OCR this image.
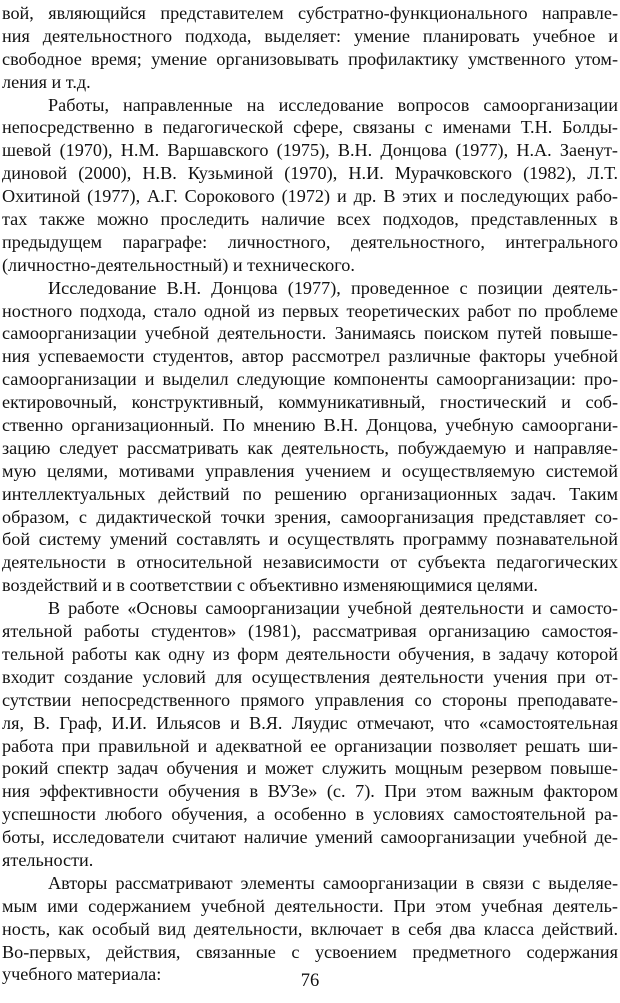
вой, являющийся представителем субстратно-функционального направле-
ния деятельностного подхода, выделяет: умение планировать учебное и
свободное время; умение организовывать профилактику умственного утом-
ления и т.д.
Работы, направленные на исследование вопросов самоорганизации
непосредственно в педагогической сфере, связаны с именами Т.Н. Болды-
шевой (1970), Н.М. Варшавского (1975), В.Н. Донцова (1977), Н.А. Заенут-
диновой (2000), Н.В. Кузьминой (1970), Н.И. Мурачковского (1982), Л.Т.
Охитиной (1977), А.Г. Сорокового (1972) и др. В этих и последующих рабо-
тах также можно проследить наличие всех подходов, представленных в
предыдущем параграфе: личностного, деятельностного, интегрального
(личностно-деятельностный) и технического.
Исследование В.Н. Донцова (1977), проведенное с позиции деятель-
ностного подхода, стало одной из первых теоретических работ по проблеме
самоорганизации учебной деятельности. Занимаясь поиском путей повыше-
ния успеваемости студентов, автор рассмотрел различные факторы учебной
самоорганизации и выделил следующие компоненты самоорганизации: про-
ектировочный, конструктивный, коммуникативный, гностический и соб-
ственно организационный. По мнению В.Н. Донцова, учебную самооргани-
зацию следует рассматривать как деятельность, побуждаемую и направляе-
мую целями, мотивами управления учением и осуществляемую системой
интеллектуальных действий по решению организационных задач. Таким
образом, с дидактической точки зрения, самоорганизация представляет со-
бой систему умений составлять и осуществлять программу познавательной
деятельности в относительной независимости от субъекта педагогических
воздействий и в соответствии с объективно изменяющимися целями.
В работе «Основы самоорганизации учебной деятельности и самосто-
ятельной работы студентов» (1981), рассматривая организацию самостоя-
тельной работы как одну из форм деятельности обучения, в задачу которой
входит создание условий для осуществления деятельности учения при от-
сутствии непосредственного прямого управления со стороны преподавате-
ля, В. Граф, И.И. Ильясов и В.Я. Ляудис отмечают, что «самостоятельная
работа при правильной и адекватной ее организации позволяет решать ши-
рокий спектр задач обучения и может служить мощным резервом повыше-
ния эффективности обучения в ВУЗе» (с. 7). При этом важным фактором
успешности любого обучения, а особенно в условиях самостоятельной ра-
боты, исследователи считают наличие умений самоорганизации учебной де-
ятельности.
Авторы рассматривают элементы самоорганизации в связи с выделяе-
мым ими содержанием учебной деятельности. При этом учебная деятель-
ность, как особый вид деятельности, включает в себя два класса действий.
Во-первых, действия, связанные с усвоением предметного содержания
учебного материала:	76
